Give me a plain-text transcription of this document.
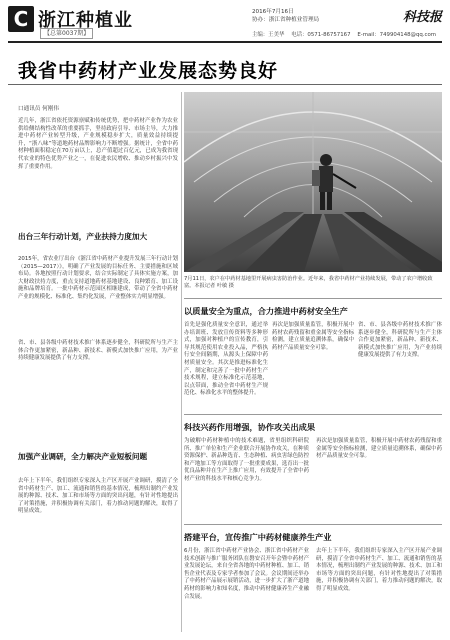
C 浙江种植业
【总第0037期】
2016年7月16日
协办：浙江省种植业管理局	科技报
主编：王美华 电话：0571-86757167 E-mail：749904148@qq.com
我省中药材产业发展态势良好
口通讯员 何刚伟
近几年，浙江省依托资源禀赋和传统优势，把中药材产业作为农业供给侧结构性改革的重要抓手，坚持政府引导、市场主导，大力推进中药材产业转型升级，产业规模稳步扩大，质量效益持续提升，“浙八味”等道地药材品牌影响力不断增强。据统计，全省中药材种植面积稳定在70万亩以上，总产值超过百亿元，已成为我省现代农业的特色优势产业之一，在促进农民增收、推动乡村振兴中发挥了重要作用。
出台三年行动计划，产业扶持力度加大
2015年，省农业厅出台《浙江省中药材产业提升发展三年行动计划（2015—2017）》，明确了产业发展的目标任务、主要措施和区域布局。各地按照行动计划要求，结合实际制定了具体实施方案，加大财政扶持力度，重点支持道地药材基地建设、良种繁育、加工设施和品牌培育。一批中药材示范园区相继建成，带动了全省中药材产业的规模化、标准化、集约化发展，产业整体实力明显增强。
省、市、县各级中药材技术推广体系逐步健全，科研院所与生产主体合作更加紧密，新品种、新技术、新模式加快推广应用，为产业持续健康发展提供了有力支撑。
加强产业调研，全力解决产业短板问题
去年上下半年，我们组织专家深入主产区开展产业调研，摸清了全省中药材生产、加工、流通和销售的基本情况，梳理出制约产业发展的种源、技术、加工和市场等方面的突出问题，有针对性地提出了对策措施，并积极协调有关部门，着力推动问题的解决，取得了明显成效。
7月11日，农户在中药材基地里开展病虫害防治作业。近年来，我省中药材产业持续发展，带动了农户增收致富。本报记者 叶敏 摄
以质量安全为重点，合力推进中药材安全生产
首先是强化质量安全意识，通过举办培训班、发放宣传资料等多种形式，加强对种植户的宣传教育，引导其规范使用农业投入品，严格执行安全间隔期，从源头上保障中药材质量安全。其次是推进标准化生产，制定和完善了一批中药材生产技术规程，建立标准化示范基地，以点带面，推动全省中药材生产规范化、标准化水平的整体提升。
再次是加强质量监管，积极开展中药材农药残留和重金属等安全指标检测，建立质量追溯体系，确保中药材产品质量安全可靠。
省、市、县各级中药材技术推广体系逐步健全，科研院所与生产主体合作更加紧密，新品种、新技术、新模式加快推广应用，为产业持续健康发展提供了有力支撑。
科技兴药作用增强，协作攻关出成果
为破解中药材种植中的技术难题，省里组织科研院所、推广单位和生产企业联合开展协作攻关，在种质资源保护、新品种选育、生态种植、病虫害绿色防控和产地加工等方面取得了一批重要成果，选育出一批优良品种并在生产上推广应用，有效提升了全省中药材产业的科技水平和核心竞争力。
再次是加强质量监管，积极开展中药材农药残留和重金属等安全指标检测，建立质量追溯体系，确保中药材产品质量安全可靠。
搭建平台，宣传推广中药材健康养生产业
6月份，浙江省中药材产业协会、浙江省中药材产业技术创新与推广服务团队在磐安召开年会暨中药材产业发展论坛，来自全省各地的中药材种植、加工、销售企业代表及专家学者参加了会议。会议期间还举办了中药材产品展示展销活动，进一步扩大了浙产道地药材的影响力和知名度，推动中药材健康养生产业融合发展。
去年上下半年，我们组织专家深入主产区开展产业调研，摸清了全省中药材生产、加工、流通和销售的基本情况，梳理出制约产业发展的种源、技术、加工和市场等方面的突出问题，有针对性地提出了对策措施，并积极协调有关部门，着力推动问题的解决，取得了明显成效。
